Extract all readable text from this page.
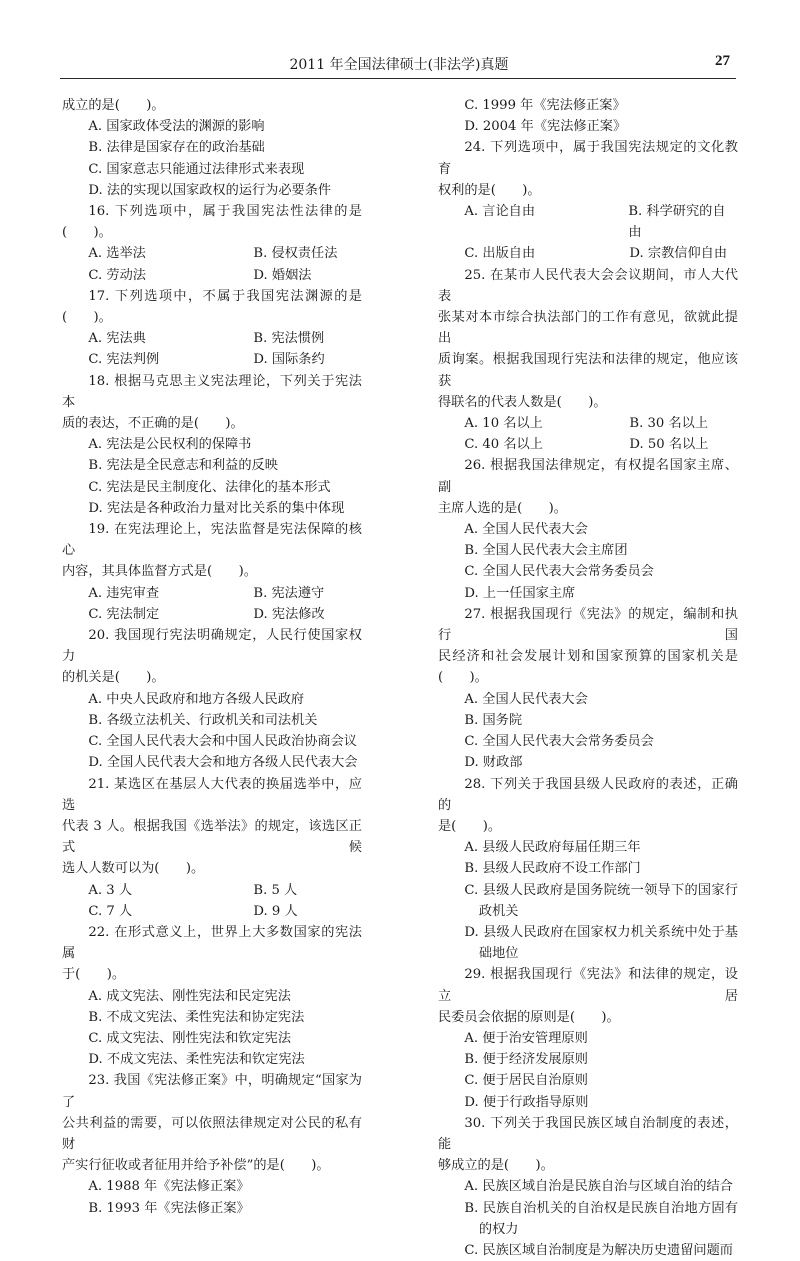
2011 年全国法律硕士(非法学)真题	27

成立的是(　　)。

A. 国家政体受法的渊源的影响

B. 法律是国家存在的政治基础

C. 国家意志只能通过法律形式来表现

D. 法的实现以国家政权的运行为必要条件

16. 下列选项中，属于我国宪法性法律的是

(　　)。

A. 选举法	B. 侵权责任法
C. 劳动法	D. 婚姻法

17. 下列选项中，不属于我国宪法渊源的是

(　　)。

A. 宪法典	B. 宪法惯例
C. 宪法判例	D. 国际条约

18. 根据马克思主义宪法理论，下列关于宪法本

质的表达，不正确的是(　　)。

A. 宪法是公民权利的保障书

B. 宪法是全民意志和利益的反映

C. 宪法是民主制度化、法律化的基本形式

D. 宪法是各种政治力量对比关系的集中体现

19. 在宪法理论上，宪法监督是宪法保障的核心

内容，其具体监督方式是(　　)。

A. 违宪审查	B. 宪法遵守
C. 宪法制定	D. 宪法修改

20. 我国现行宪法明确规定，人民行使国家权力

的机关是(　　)。

A. 中央人民政府和地方各级人民政府

B. 各级立法机关、行政机关和司法机关

C. 全国人民代表大会和中国人民政治协商会议

D. 全国人民代表大会和地方各级人民代表大会

21. 某选区在基层人大代表的换届选举中，应选

代表 3 人。根据我国《选举法》的规定，该选区正式候

选人人数可以为(　　)。

A. 3 人	B. 5 人
C. 7 人	D. 9 人

22. 在形式意义上，世界上大多数国家的宪法属

于(　　)。

A. 成文宪法、刚性宪法和民定宪法

B. 不成文宪法、柔性宪法和协定宪法

C. 成文宪法、刚性宪法和钦定宪法

D. 不成文宪法、柔性宪法和钦定宪法

23. 我国《宪法修正案》中，明确规定“国家为了

公共利益的需要，可以依照法律规定对公民的私有财

产实行征收或者征用并给予补偿”的是(　　)。

A. 1988 年《宪法修正案》

B. 1993 年《宪法修正案》

C. 1999 年《宪法修正案》

D. 2004 年《宪法修正案》

24. 下列选项中，属于我国宪法规定的文化教育

权利的是(　　)。

A. 言论自由	B. 科学研究的自由
C. 出版自由	D. 宗教信仰自由

25. 在某市人民代表大会会议期间，市人大代表

张某对本市综合执法部门的工作有意见，欲就此提出

质询案。根据我国现行宪法和法律的规定，他应该获

得联名的代表人数是(　　)。

A. 10 名以上	B. 30 名以上
C. 40 名以上	D. 50 名以上

26. 根据我国法律规定，有权提名国家主席、副

主席人选的是(　　)。

A. 全国人民代表大会

B. 全国人民代表大会主席团

C. 全国人民代表大会常务委员会

D. 上一任国家主席

27. 根据我国现行《宪法》的规定，编制和执行国

民经济和社会发展计划和国家预算的国家机关是

(　　)。

A. 全国人民代表大会

B. 国务院

C. 全国人民代表大会常务委员会

D. 财政部

28. 下列关于我国县级人民政府的表述，正确的

是(　　)。

A. 县级人民政府每届任期三年

B. 县级人民政府不设工作部门

C. 县级人民政府是国务院统一领导下的国家行政机关

D. 县级人民政府在国家权力机关系统中处于基础地位

29. 根据我国现行《宪法》和法律的规定，设立居

民委员会依据的原则是(　　)。

A. 便于治安管理原则

B. 便于经济发展原则

C. 便于居民自治原则

D. 便于行政指导原则

30. 下列关于我国民族区域自治制度的表述，能

够成立的是(　　)。

A. 民族区域自治是民族自治与区域自治的结合

B. 民族自治机关的自治权是民族自治地方固有的权力

C. 民族区域自治制度是为解决历史遗留问题而
